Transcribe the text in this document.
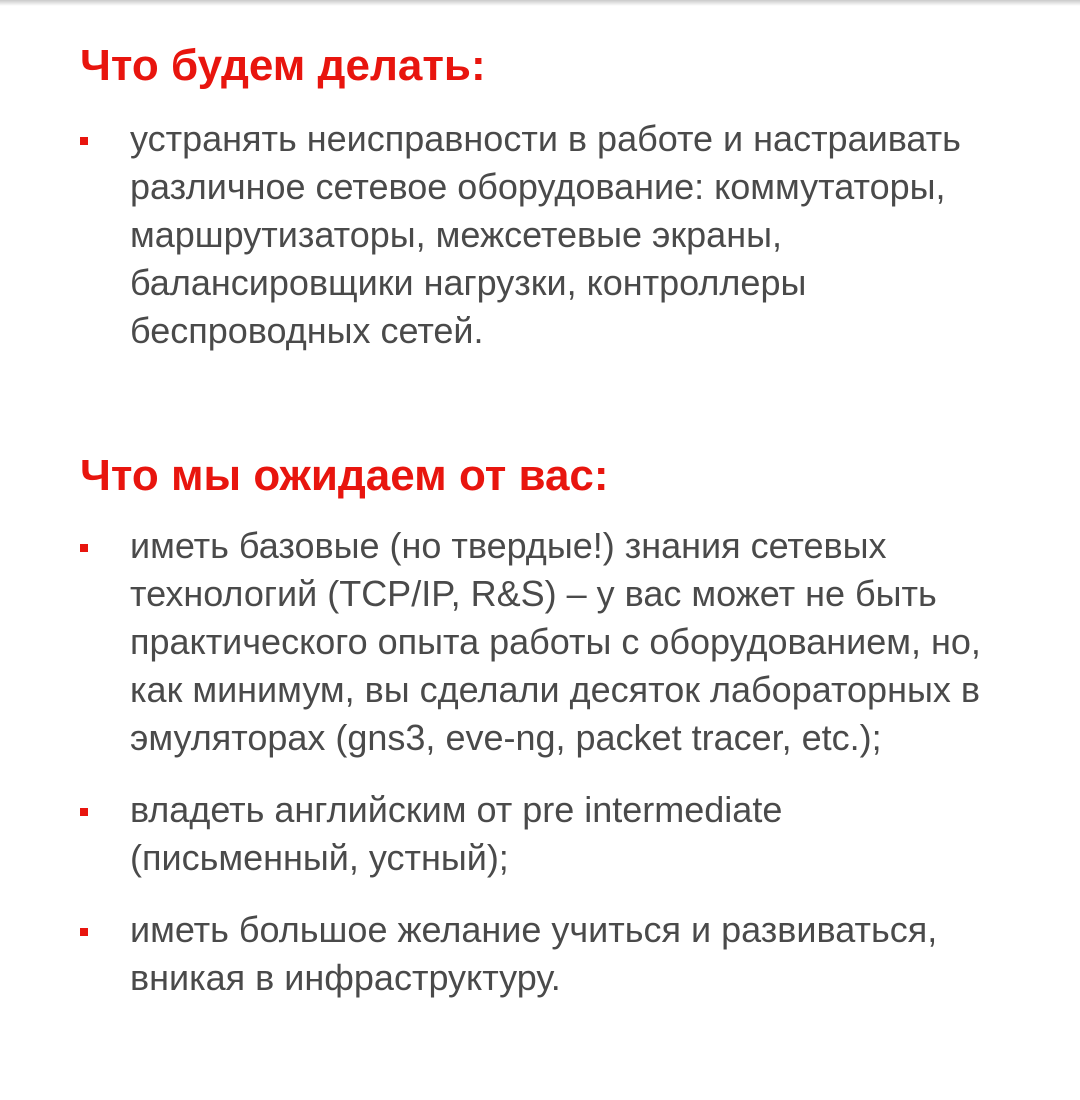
Что будем делать:
устранять неисправности в работе и настраивать различное сетевое оборудование: коммутаторы, маршрутизаторы, межсетевые экраны, балансировщики нагрузки, контроллеры беспроводных сетей.
Что мы ожидаем от вас:
иметь базовые (но твердые!) знания сетевых технологий (TCP/IP, R&S) – у вас может не быть практического опыта работы с оборудованием, но, как минимум, вы сделали десяток лабораторных в эмуляторах (gns3, eve-ng, packet tracer, etc.);
владеть английским от pre intermediate (письменный, устный);
иметь большое желание учиться и развиваться, вникая в инфраструктуру.
